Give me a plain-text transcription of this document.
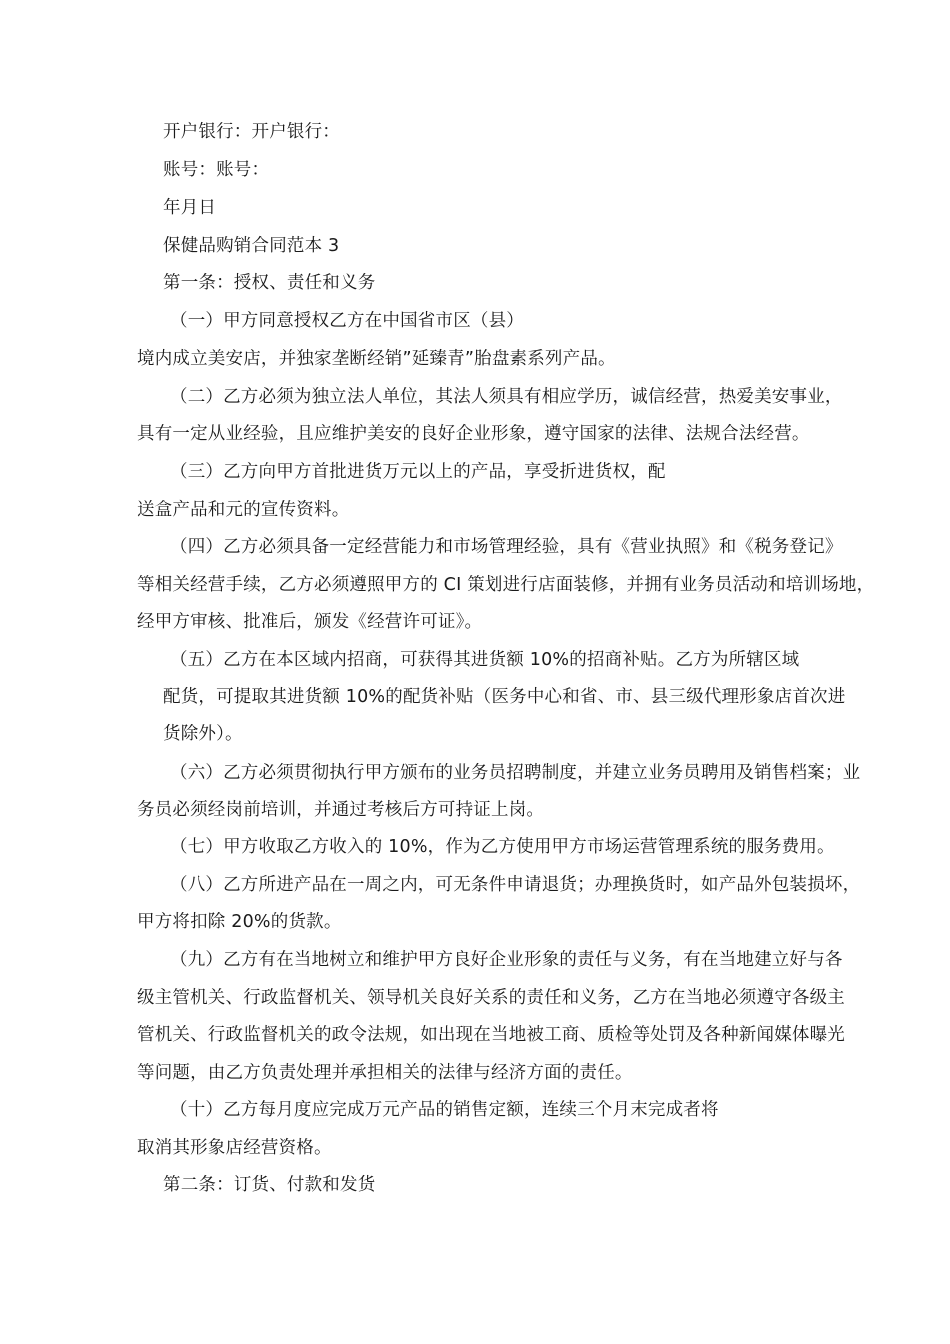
开户银行：开户银行：
账号：账号：
年月日
保健品购销合同范本 3
第一条：授权、责任和义务
（一）甲方同意授权乙方在中国省市区（县）
境内成立美安店，并独家垄断经销”延臻青”胎盘素系列产品。
（二）乙方必须为独立法人单位，其法人须具有相应学历，诚信经营，热爱美安事业，
具有一定从业经验，且应维护美安的良好企业形象，遵守国家的法律、法规合法经营。
（三）乙方向甲方首批进货万元以上的产品，享受折进货权，配
送盒产品和元的宣传资料。
（四）乙方必须具备一定经营能力和市场管理经验，具有《营业执照》和《税务登记》
等相关经营手续，乙方必须遵照甲方的 CI 策划进行店面装修，并拥有业务员活动和培训场地，
经甲方审核、批准后，颁发《经营许可证》。
（五）乙方在本区域内招商，可获得其进货额 10%的招商补贴。乙方为所辖区域
配货，可提取其进货额 10%的配货补贴（医务中心和省、市、县三级代理形象店首次进
货除外）。
（六）乙方必须贯彻执行甲方颁布的业务员招聘制度，并建立业务员聘用及销售档案；业
务员必须经岗前培训，并通过考核后方可持证上岗。
（七）甲方收取乙方收入的 10%，作为乙方使用甲方市场运营管理系统的服务费用。
（八）乙方所进产品在一周之内，可无条件申请退货；办理换货时，如产品外包装损坏，
甲方将扣除 20%的货款。
（九）乙方有在当地树立和维护甲方良好企业形象的责任与义务，有在当地建立好与各
级主管机关、行政监督机关、领导机关良好关系的责任和义务，乙方在当地必须遵守各级主
管机关、行政监督机关的政令法规，如出现在当地被工商、质检等处罚及各种新闻媒体曝光
等问题，由乙方负责处理并承担相关的法律与经济方面的责任。
（十）乙方每月度应完成万元产品的销售定额，连续三个月末完成者将
取消其形象店经营资格。
第二条：订货、付款和发货
